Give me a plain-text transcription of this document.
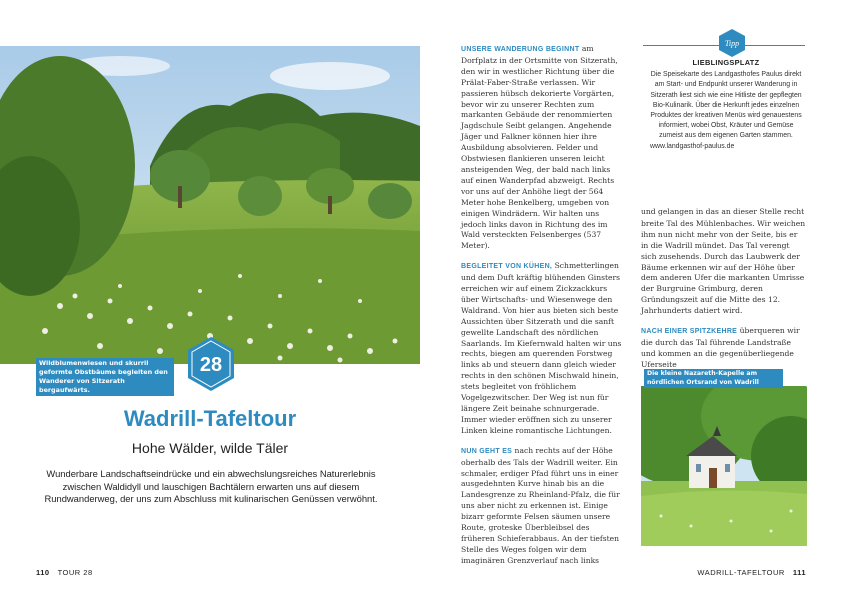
Wildblumenwiesen und skurril geformte Obstbäume begleiten den Wanderer von Sitzerath bergaufwärts.
28
Wadrill-Tafeltour
Hohe Wälder, wilde Täler
Wunderbare Landschaftseindrücke und ein abwechslungsreiches Naturerlebnis zwischen Waldidyll und lauschigen Bachtälern erwarten uns auf diesem Rundwanderweg, der uns zum Abschluss mit kulinarischen Genüssen verwöhnt.
110 TOUR 28

UNSERE WANDERUNG BEGINNT am Dorfplatz in der Ortsmitte von Sitzerath, den wir in westlicher Richtung über die Prälat-Faber-Straße verlassen. Wir passieren hübsch dekorierte Vorgärten, bevor wir zu unserer Rechten zum markanten Gebäude der renommierten Jagdschule Seibt gelangen. Angehende Jäger und Falkner können hier ihre Ausbildung absolvieren. Felder und Obstwiesen flankieren unseren leicht ansteigenden Weg, der bald nach links auf einen Wanderpfad abzweigt. Rechts vor uns auf der Anhöhe liegt der 564 Meter hohe Benkelberg, umgeben von einigen Windrädern. Wir halten uns jedoch links davon in Richtung des im Wald versteckten Felsenberges (537 Meter).

BEGLEITET VON KÜHEN, Schmetterlingen und dem Duft kräftig blühenden Ginsters erreichen wir auf einem Zickzackkurs über Wirtschafts- und Wiesenwege den Waldrand. Von hier aus bieten sich beste Aussichten über Sitzerath und die sanft gewellte Landschaft des nördlichen Saarlands. Im Kiefernwald halten wir uns rechts, biegen am querenden Forstweg links ab und steuern dann gleich wieder rechts in den schönen Mischwald hinein, stets begleitet von fröhlichem Vogelgezwitscher. Der Weg ist nun für längere Zeit beinahe schnurgerade. Immer wieder eröffnen sich zu unserer Linken kleine romantische Lichtungen.

NUN GEHT ES nach rechts auf der Höhe oberhalb des Tals der Wadrill weiter. Ein schmaler, erdiger Pfad führt uns in einer ausgedehnten Kurve hinab bis an die Landesgrenze zu Rheinland-Pfalz, die für uns aber nicht zu erkennen ist. Einige bizarr geformte Felsen säumen unsere Route, groteske Überbleibsel des früheren Schieferabbaus. An der tiefsten Stelle des Weges folgen wir dem imaginären Grenzverlauf nach links

Tipp
LIEBLINGSPLATZ
Die Speisekarte des Landgasthofes Paulus direkt am Start- und Endpunkt unserer Wanderung in Sitzerath liest sich wie eine Hitliste der gepflegten Bio-Kulinarik. Über die Herkunft jedes einzelnen Produktes der kreativen Menüs wird genauestens informiert, wobei Obst, Kräuter und Gemüse zumeist aus dem eigenen Garten stammen.
www.landgasthof-paulus.de

und gelangen in das an dieser Stelle recht breite Tal des Mühlenbaches. Wir weichen ihm nun nicht mehr von der Seite, bis er in die Wadrill mündet. Das Tal verengt sich zusehends. Durch das Laubwerk der Bäume erkennen wir auf der Höhe über dem anderen Ufer die markanten Umrisse der Burgruine Grimburg, deren Gründungszeit auf die Mitte des 12. Jahrhunderts datiert wird.

NACH EINER SPITZKEHRE überqueren wir die durch das Tal führende Landstraße und kommen an die gegenüberliegende Uferseite

Die kleine Nazareth-Kapelle am nördlichen Ortsrand von Wadrill
WADRILL-TAFELTOUR 111
